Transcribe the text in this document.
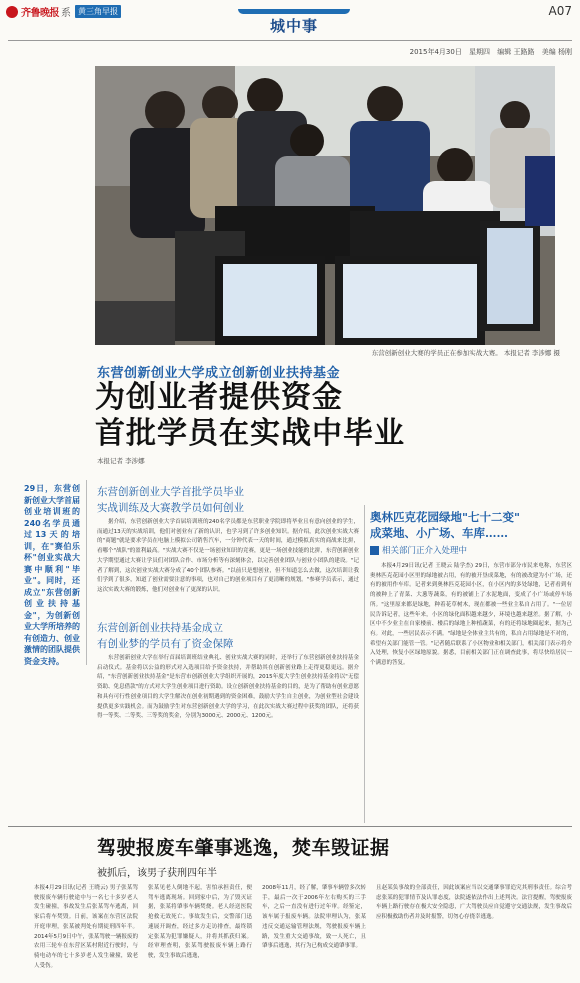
齐鲁晚报 系 黄三角早报
城中事
A07
2015年4月30日 星期四 编辑 王路路 美编 杨刚
东营创新创业大赛的学员正在参加实战大赛。 本报记者 李涉娜 摄
东营创新创业大学成立创新创业扶持基金
为创业者提供资金
首批学员在实战中毕业
本报记者 李涉娜
29日，东营创新创业大学首届创业培训班的240名学员通过13天的培训，在"赛伯乐杯"创业实战大赛中顺利"毕业"。同时，还成立"东营创新创业扶持基金"，为创新创业大学所培养的有创造力、创业激情的团队提供资金支持。
东营创新创业大学首批学员毕业
实战训练及大赛教学员如何创业

据介绍，东营创新创业大学首届培训班的240名学员都是东营职业学院即将毕业且有意向创业的学生，而通过13天的实战培训，他们对创业有了新的认识，也学习到了许多创业知识。据介绍，此次创业实战大赛的"商题"就是要求学员在电脑上模拟公司销售汽车，一分钟代表一天的时间，通过模拟真实的商战来比拼，看哪个"战队"的盈利最高。"实战大赛不仅是一场创业知识的竞赛，更是一场创业技能的比拼，东营创新创业大学期望通过大赛让学员们对团队合作、市场分析等有深刻体会，以完善创业团队与创业小团队的建设。"记者了解到，这次创业实战大赛分成了40个团队参赛。"以前只是想创业，但不知道怎么去做，这次培训让我们学到了很多，知道了创业需要注意的事项，也对自己的创业项目有了更清晰的规划。"参赛学员表示，通过这次实战大赛的锻炼，他们对创业有了更深的认识。

东营创新创业扶持基金成立
有创业梦的学员有了资金保障

东营创新创业大学在举行首届培训班结业典礼、创业实战大赛的同时，还举行了东营创新创业扶持基金启动仪式。基金将以公益的形式对入选项目给予资金扶持，并帮助其在创新创业路上走得更稳更远。据介绍，"东营创新创业扶持基金"是东营市创新创业大学组织开展的，2015年度大学生创业扶持基金将以"无偿资助、免息借款"的方式对大学生创业项目进行资助。设立创新创业扶持基金的目的，是为了帮助有创业意愿和具有可行性创业项目的大学生解决在创业初期遇到的资金困难，鼓励大学生自主创业，为创业型社会建设提供更多实践机会。而为鼓励学生对东营创新创业大学的学习，在此次实战大赛过程中获奖的团队，还将获得一等奖、二等奖、三等奖的奖金，分别为3000元、2000元、1200元。

奥林匹克花园绿地"七十二变"
成菜地、小广场、车库……
相关部门正介入处理中

本报4月29日讯(记者 王晓云 陆学杰) 29日，东营市部分市民来电称，东营区奥林匹克花园小区里的绿地被占用，有的被开垦成菜地，有的被改建为小广场，还有的被用作车库。记者来到奥林匹克花园小区，在小区内的多处绿地，记者看到有的被种上了青菜、大葱等蔬菜，有的被铺上了水泥地面，变成了小广场或停车场所。"这里原来都是绿地，种着花草树木，现在都被一些业主私自占用了。"一位居民告诉记者，这些年来，小区的绿化面积越来越少，环境也越来越差。据了解，小区中不少业主在自家楼前、楼后的绿地上种植蔬菜，有的还将绿地圈起来，据为己有。对此，一些居民表示不满。"绿地是全体业主共有的，私自占用绿地是不对的，希望有关部门能管一管。"记者随后联系了小区物业和相关部门，相关部门表示将介入处理，恢复小区绿地原貌。据悉，目前相关部门正在调查此事，将尽快给居民一个满意的答复。

驾驶报废车肇事逃逸，焚车毁证据
被抓后，该男子获刑四年半
本报4月29日讯(记者 王晓云) 男子张某驾驶报废车辆行驶途中与一名七十多岁老人发生碰撞，事故发生后张某驾车逃离，回家后将车焚毁。日前，该案在东营区法院开庭审理，张某被判处有期徒刑四年半。2014年5月9日中午，张某驾驶一辆报废的农用三轮车在东营区某村附近行驶时，与骑电动车的七十多岁老人发生碰撞，致老人受伤。
张某见老人倒地不起，害怕承担责任，便驾车逃离现场。回到家中后，为了毁灭证据，张某将肇事车辆焚烧。老人经送医院抢救无效死亡。事故发生后，交警部门迅速展开调查，经过多方走访排查，最终锁定张某为犯罪嫌疑人，并将其抓获归案。经审理查明，张某驾驶报废车辆上路行驶，发生事故后逃逸，
2008年11月，经了解，肇事车辆曾多次转手，最后一次于2006年左右购买的三手车，之后一直没有进行过年审。经鉴定，该车属于报废车辆。法院审理认为，张某违反交通运输管理法规，驾驶报废车辆上路，发生重大交通事故，致一人死亡，且肇事后逃逸，其行为已构成交通肇事罪。
且赵某负事故的全部责任，因此该案应当以交通肇事罪追究其刑事责任。综合考虑张某的犯罪情节及认罪态度，法院遂依法作出上述判决。法官提醒，驾驶报废车辆上路行驶存在极大安全隐患，广大驾驶员应自觉遵守交通法规，发生事故后应积极救助伤者并及时报警，切勿心存侥幸逃逸。
